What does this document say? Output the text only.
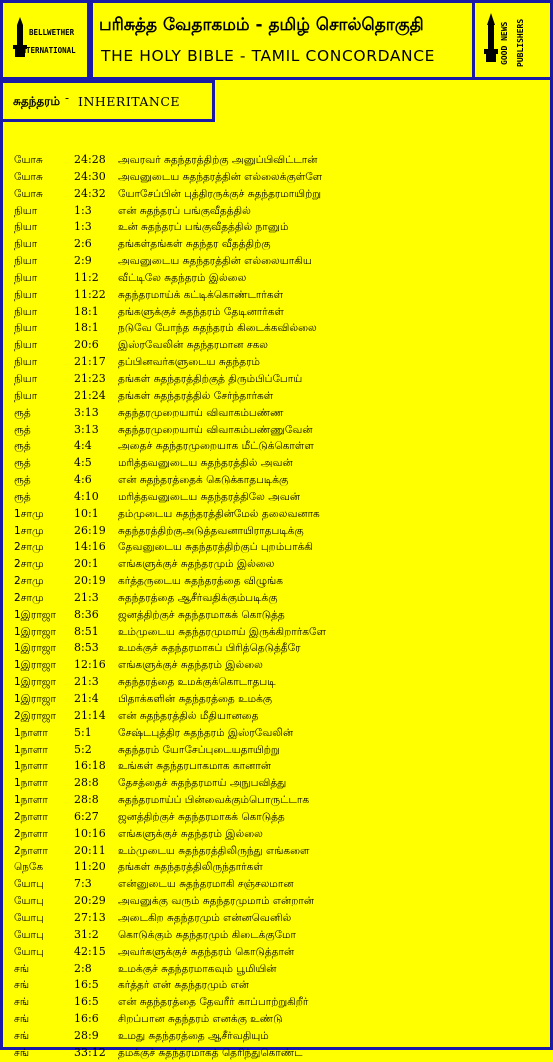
BELLWETHER
INTERNATIONAL
பரிசுத்த வேதாகமம் - தமிழ் சொல்தொகுதி
THE HOLY BIBLE - TAMIL CONCORDANCE	GOOD NEWS PUBLISHERS
சுதந்தரம் - INHERITANCE
யோசு	24:28 அவரவர் சுதந்தரத்திற்கு அனுப்பிவிட்டான்
யோசு	24:30 அவனுடைய சுதந்தரத்தின் எல்லைக்குள்ளே
யோசு	24:32 யோசேப்பின் புத்திரருக்குச் சுதந்தரமாயிற்று
நியா	1:3	என் சுதந்தரப் பங்குவீதத்தில்
நியா	1:3	உன் சுதந்தரப் பங்குவீதத்தில் நானும்
நியா	2:6	தங்கள்தங்கள் சுதந்தர வீதத்திற்கு
நியா	2:9	அவனுடைய சுதந்தரத்தின் எல்லையாகிய
நியா	11:2 வீட்டிலே சுதந்தரம் இல்லை
நியா	11:22 சுதந்தரமாய்க் கட்டிக்கொண்டார்கள்
நியா	18:1 தங்களுக்குச் சுதந்தரம் தேடினார்கள்
நியா	18:1 நடுவே போந்த சுதந்தரம் கிடைக்கவில்லை
நியா	20:6 இஸ்ரவேலின் சுதந்தரமான சகல
நியா	21:17 தப்பினவர்களுடைய சுதந்தரம்
நியா	21:23 தங்கள் சுதந்தரத்திற்குத் திரும்பிப்போய்
நியா	21:24 தங்கள் சுதந்தரத்தில் சேர்ந்தார்கள்
ரூத்	3:13 சுதந்தரமுறையாய் விவாகம்பண்ண
ரூத்	3:13 சுதந்தரமுறையாய் விவாகம்பண்ணுவேன்
ரூத்	4:4	அதைச் சுதந்தரமுறையாக மீட்டுக்கொள்ள
ரூத்	4:5	மரித்தவனுடைய சுதந்தரத்தில் அவன்
ரூத்	4:6	என் சுதந்தரத்தைக் கெடுக்காதபடிக்கு
ரூத்	4:10 மரித்தவனுடைய சுதந்தரத்திலே அவன்
1சாமு	10:1 தம்முடைய சுதந்தரத்தின்மேல் தலைவனாக
1சாமு	26:19 சுதந்தரத்திற்குஅடுத்தவனாயிராதபடிக்கு
2சாமு	14:16 தேவனுடைய சுதந்தரத்திற்குப் புறம்பாக்கி
2சாமு	20:1 எங்களுக்குச் சுதந்தரமும் இல்லை
2சாமு	20:19 கர்த்தருடைய சுதந்தரத்தை விழுங்க
2சாமு	21:3 சுதந்தரத்தை ஆசீர்வதிக்கும்படிக்கு
1இராஜா 8:36 ஜனத்திற்குச் சுதந்தரமாகக் கொடுத்த
1இராஜா 8:51 உம்முடைய சுதந்தரமுமாய் இருக்கிறார்களே
1இராஜா 8:53 உமக்குச் சுதந்தரமாகப் பிரித்தெடுத்தீரே
1இராஜா 12:16 எங்களுக்குச் சுதந்தரம் இல்லை
1இராஜா 21:3 சுதந்தரத்தை உமக்குக்கொடாதபடி
1இராஜா 21:4 பிதாக்களின் சுதந்தரத்தை உமக்கு
2இராஜா 21:14 என் சுதந்தரத்தில் மீதியானதை
1நாளா 5:1	சேஷ்டபுத்திர சுதந்தரம் இஸ்ரவேலின்
1நாளா 5:2	சுதந்தரம் யோசேப்புடையதாயிற்று
1நாளா 16:18 உங்கள் சுதந்தரபாகமாக கானான்
1நாளா 28:8 தேசத்தைச் சுதந்தரமாய் அநுபவித்து
1நாளா 28:8 சுதந்தரமாய்ப் பின்வைக்கும்பொருட்டாக
2நாளா 6:27 ஜனத்திற்குச் சுதந்தரமாகக் கொடுத்த
2நாளா 10:16 எங்களுக்குச் சுதந்தரம் இல்லை
2நாளா 20:11 உம்முடைய சுதந்தரத்திலிருந்து எங்களை
நெகே	11:20 தங்கள் சுதந்தரத்திலிருந்தார்கள்
யோபு	7:3	என்னுடைய சுதந்தரமாகி சஞ்சலமான
யோபு	20:29 அவனுக்கு வரும் சுதந்தரமுமாம் என்றான்
யோபு	27:13 அடைகிற சுதந்தரமும் என்னவெனில்
யோபு	31:2 கொடுக்கும் சுதந்தரமும் கிடைக்குமோ
யோபு	42:15 அவர்களுக்குச் சுதந்தரம் கொடுத்தான்
சங்	2:8	உமக்குச் சுதந்தரமாகவும் பூமியின்
சங்	16:5 கர்த்தர் என் சுதந்தரமும் என்
சங்	16:5 என் சுதந்தரத்தை தேவரீர் காப்பாற்றுகிறீர்
சங்	16:6 சிறப்பான சுதந்தரம் எனக்கு உண்டு
சங்	28:9 உமது சுதந்தரத்தை ஆசீர்வதியும்
சங்	33:12 தமக்குச் சுதந்தரமாகத் தெரிந்துகொண்ட
